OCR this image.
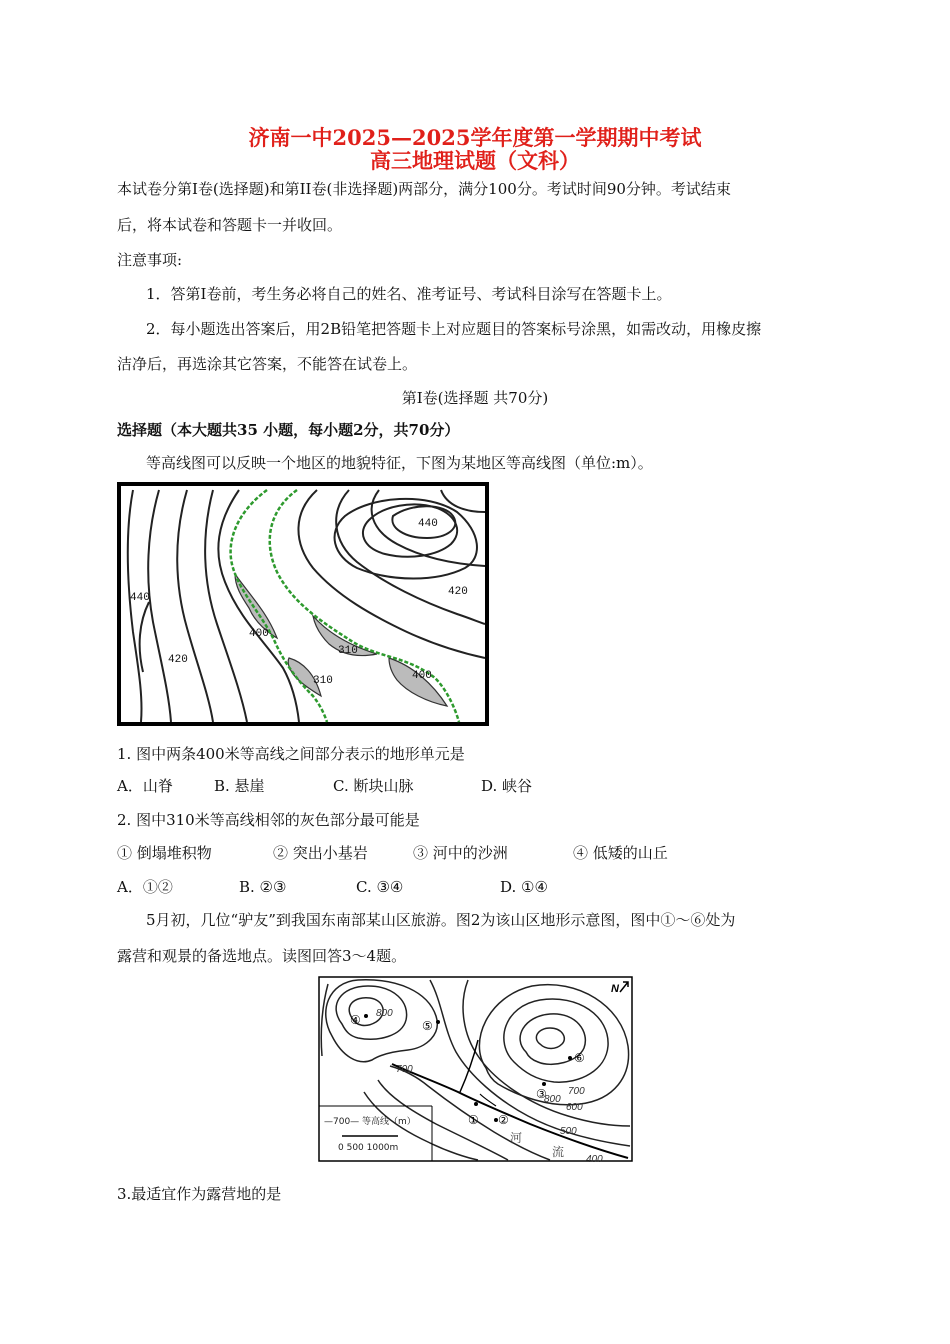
济南一中2025—2025学年度第一学期期中考试
高三地理试题（文科）
本试卷分第Ⅰ卷(选择题)和第II卷(非选择题)两部分，满分100分。考试时间90分钟。考试结束
后，将本试卷和答题卡一并收回。
注意事项:
1．答第Ⅰ卷前，考生务必将自己的姓名、准考证号、考试科目涂写在答题卡上。
2．每小题选出答案后，用2B铅笔把答题卡上对应题目的答案标号涂黑，如需改动，用橡皮擦
洁净后，再选涂其它答案，不能答在试卷上。
第Ⅰ卷(选择题 共70分)
选择题（本大题共35 小题，每小题2分，共70分）
等高线图可以反映一个地区的地貌特征，下图为某地区等高线图（单位:m）。
440
420
440
420
400
310
310	400
1. 图中两条400米等高线之间部分表示的地形单元是
A．山脊	B. 悬崖	C. 断块山脉	D. 峡谷
2. 图中310米等高线相邻的灰色部分最可能是
① 倒塌堆积物	② 突出小基岩	③ 河中的沙洲	④ 低矮的山丘
A．①②	B. ②③	C. ③④	D. ①④
5月初，几位“驴友”到我国东南部某山区旅游。图2为该山区地形示意图，图中①～⑥处为
露营和观景的备选地点。读图回答3～4题。
N
800
700
800
700
600
500
400
④	⑤
⑥
③
②
①
河
流
—700— 等高线（m）
0 500 1000m
3.最适宜作为露营地的是
